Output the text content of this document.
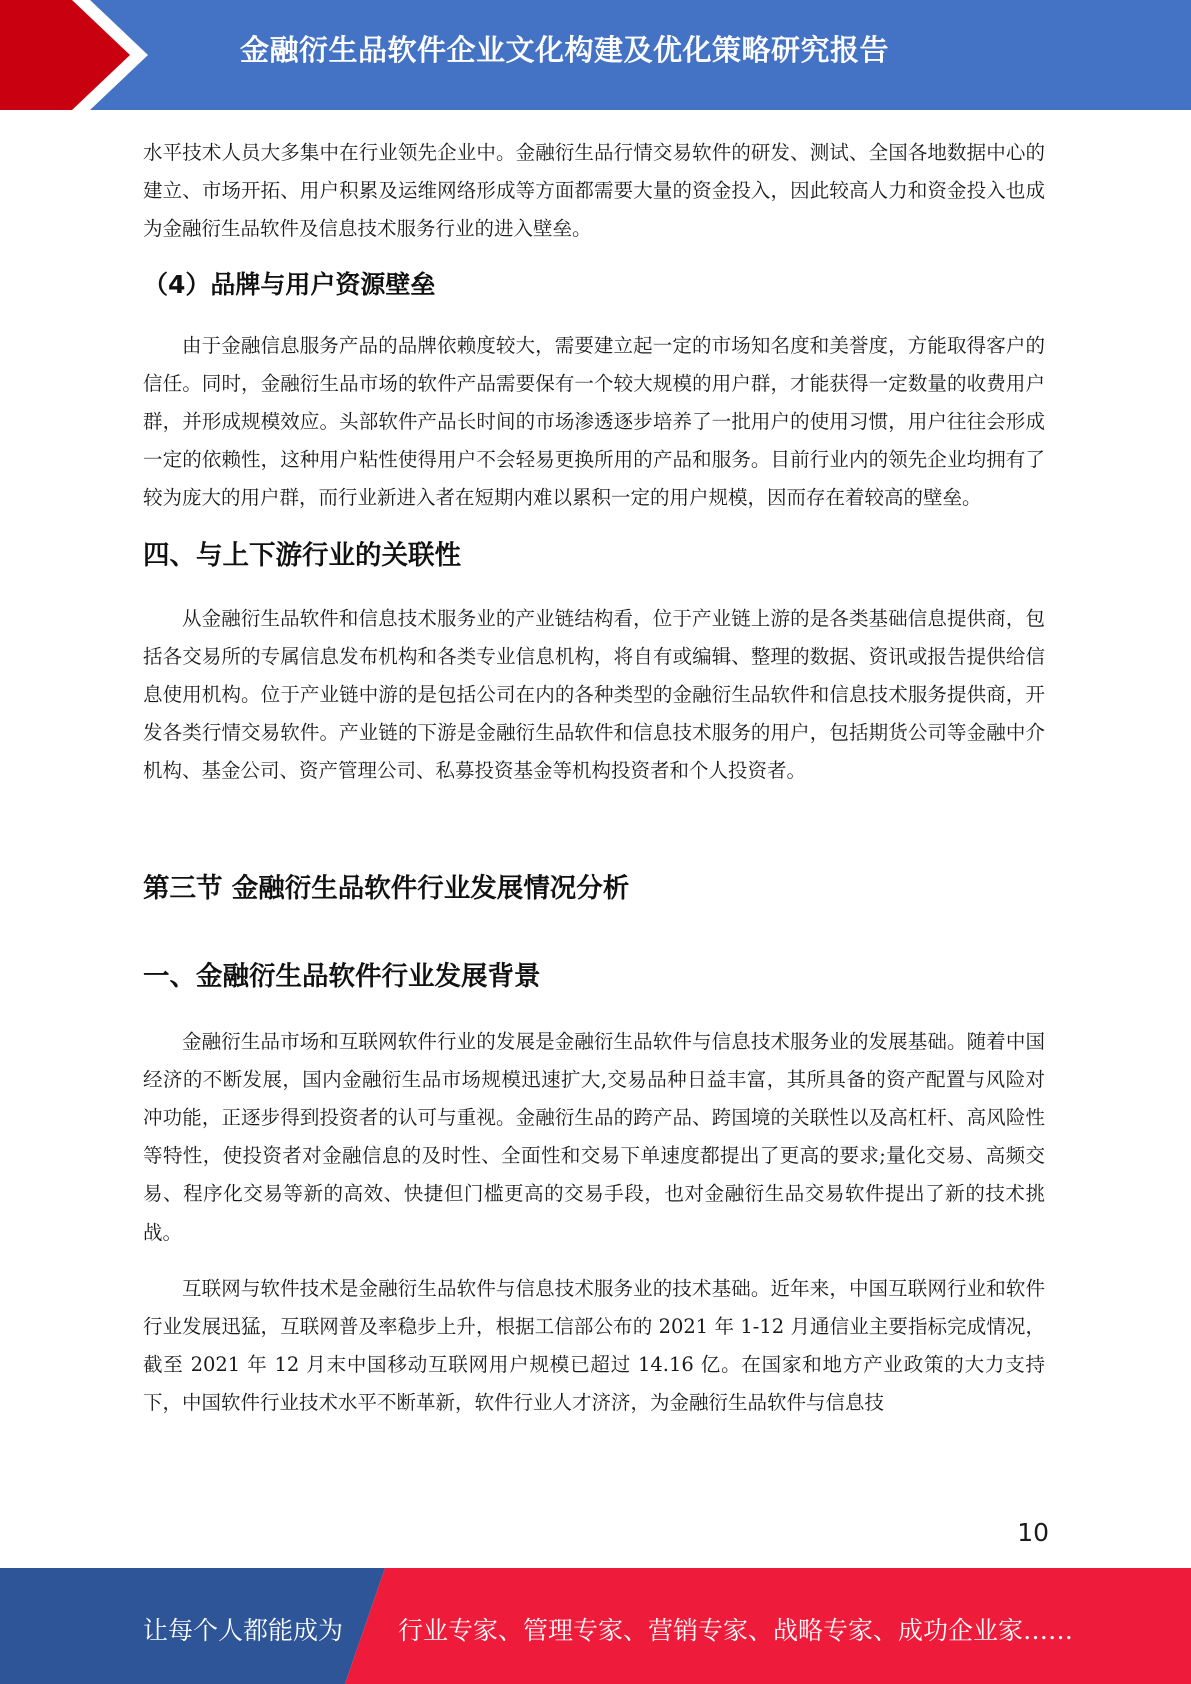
金融衍生品软件企业文化构建及优化策略研究报告

水平技术人员大多集中在行业领先企业中。金融衍生品行情交易软件的研发、测试、全国各地数据中心的建立、市场开拓、用户积累及运维网络形成等方面都需要大量的资金投入，因此较高人力和资金投入也成为金融衍生品软件及信息技术服务行业的进入壁垒。

（4）品牌与用户资源壁垒

由于金融信息服务产品的品牌依赖度较大，需要建立起一定的市场知名度和美誉度，方能取得客户的信任。同时，金融衍生品市场的软件产品需要保有一个较大规模的用户群，才能获得一定数量的收费用户群，并形成规模效应。头部软件产品长时间的市场渗透逐步培养了一批用户的使用习惯，用户往往会形成一定的依赖性，这种用户粘性使得用户不会轻易更换所用的产品和服务。目前行业内的领先企业均拥有了较为庞大的用户群，而行业新进入者在短期内难以累积一定的用户规模，因而存在着较高的壁垒。

四、与上下游行业的关联性

从金融衍生品软件和信息技术服务业的产业链结构看，位于产业链上游的是各类基础信息提供商，包括各交易所的专属信息发布机构和各类专业信息机构，将自有或编辑、整理的数据、资讯或报告提供给信息使用机构。位于产业链中游的是包括公司在内的各种类型的金融衍生品软件和信息技术服务提供商，开发各类行情交易软件。产业链的下游是金融衍生品软件和信息技术服务的用户，包括期货公司等金融中介机构、基金公司、资产管理公司、私募投资基金等机构投资者和个人投资者。

第三节 金融衍生品软件行业发展情况分析
一、金融衍生品软件行业发展背景

金融衍生品市场和互联网软件行业的发展是金融衍生品软件与信息技术服务业的发展基础。随着中国经济的不断发展，国内金融衍生品市场规模迅速扩大,交易品种日益丰富，其所具备的资产配置与风险对冲功能，正逐步得到投资者的认可与重视。金融衍生品的跨产品、跨国境的关联性以及高杠杆、高风险性等特性，使投资者对金融信息的及时性、全面性和交易下单速度都提出了更高的要求;量化交易、高频交易、程序化交易等新的高效、快捷但门槛更高的交易手段，也对金融衍生品交易软件提出了新的技术挑战。

互联网与软件技术是金融衍生品软件与信息技术服务业的技术基础。近年来，中国互联网行业和软件行业发展迅猛，互联网普及率稳步上升，根据工信部公布的 2021 年 1-12 月通信业主要指标完成情况，截至 2021 年 12 月末中国移动互联网用户规模已超过 14.16 亿。在国家和地方产业政策的大力支持下，中国软件行业技术水平不断革新，软件行业人才济济，为金融衍生品软件与信息技

10
让每个人都能成为 行业专家、管理专家、营销专家、战略专家、成功企业家……
